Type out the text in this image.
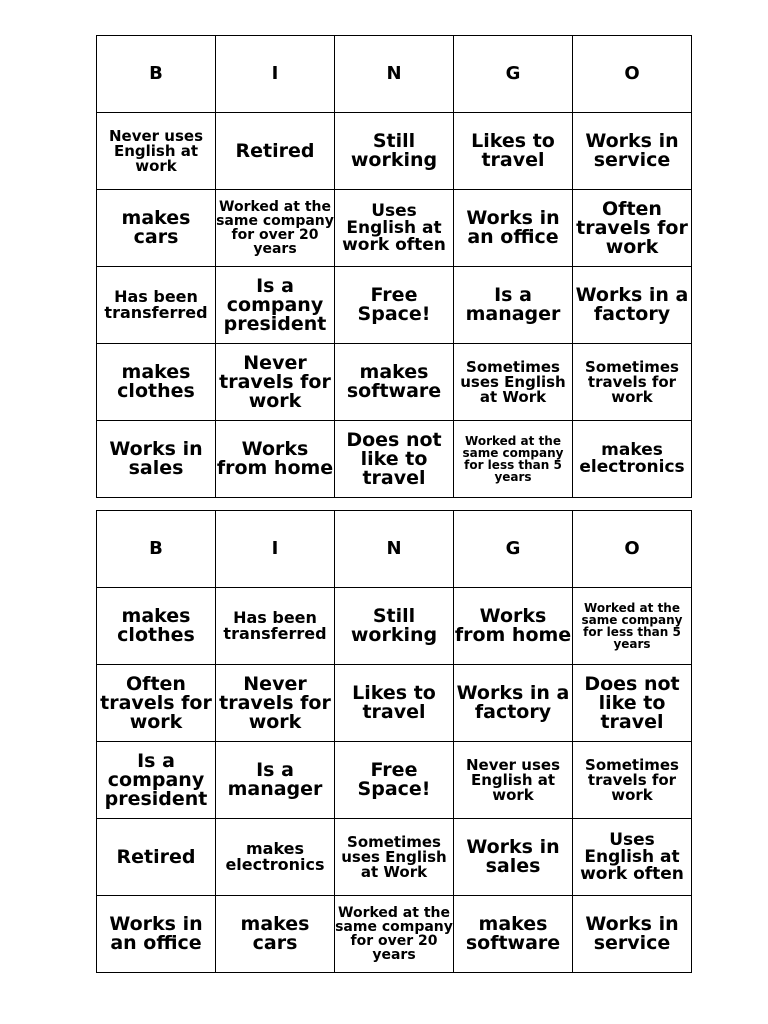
B	I	N	G	O
Never uses English at work	Retired	Still working	Likes to travel	Works in service
makes cars	Worked at the same company for over 20 years	Uses English at work often	Works in an office	Often travels for work
Has been transferred	Is a company president	Free Space!	Is a manager	Works in a factory
makes clothes	Never travels for work	makes software	Sometimes uses English at Work	Sometimes travels for work
Works in sales	Works from home	Does not like to travel	Worked at the same company for less than 5 years	makes electronics
B	I	N	G	O
makes clothes	Has been transferred	Still working	Works from home	Worked at the same company for less than 5 years
Often travels for work	Never travels for work	Likes to travel	Works in a factory	Does not like to travel
Is a company president	Is a manager	Free Space!	Never uses English at work	Sometimes travels for work
Retired	makes electronics	Sometimes uses English at Work	Works in sales	Uses English at work often
Works in an office	makes cars	Worked at the same company for over 20 years	makes software	Works in service
